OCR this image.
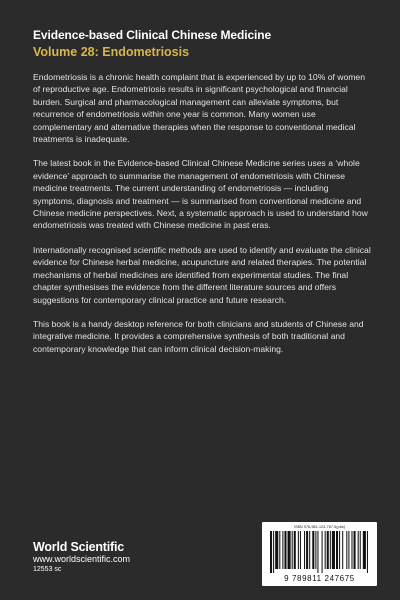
Evidence-based Clinical Chinese Medicine
Volume 28: Endometriosis

Endometriosis is a chronic health complaint that is experienced by up to 10% of women of reproductive age. Endometriosis results in significant psychological and financial burden. Surgical and pharmacological management can alleviate symptoms, but recurrence of endometriosis within one year is common. Many women use complementary and alternative therapies when the response to conventional medical treatments is inadequate.

The latest book in the Evidence-based Clinical Chinese Medicine series uses a ‘whole evidence’ approach to summarise the management of endometriosis with Chinese medicine treatments. The current understanding of endometriosis — including symptoms, diagnosis and treatment — is summarised from conventional medicine and Chinese medicine perspectives. Next, a systematic approach is used to understand how endometriosis was treated with Chinese medicine in past eras.

Internationally recognised scientific methods are used to identify and evaluate the clinical evidence for Chinese herbal medicine, acupuncture and related therapies. The potential mechanisms of herbal medicines are identified from experimental studies. The final chapter synthesises the evidence from the different literature sources and offers suggestions for contemporary clinical practice and future research.

This book is a handy desktop reference for both clinicians and students of Chinese and integrative medicine. It provides a comprehensive synthesis of both traditional and contemporary knowledge that can inform clinical decision-making.

World Scientific
www.worldscientific.com
12553 sc
ISBN 978-981-124-767-5(pbk)
9 789811 247675
